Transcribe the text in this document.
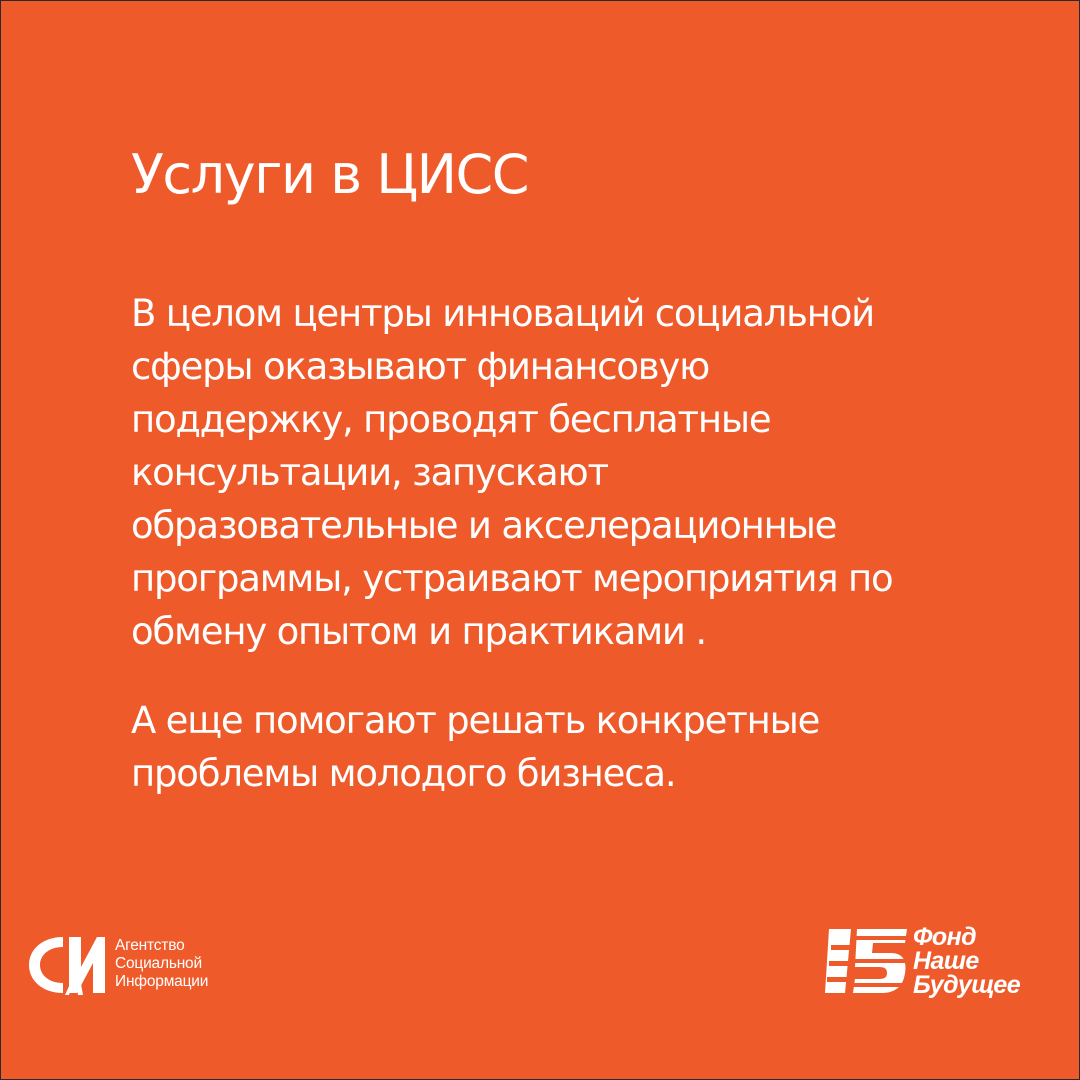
Услуги в ЦИСС

В целом центры инноваций социальной
сферы оказывают финансовую
поддержку, проводят бесплатные
консультации, запускают
образовательные и акселерационные
программы, устраивают мероприятия по
обмену опытом и практиками .

А еще помогают решать конкретные
проблемы молодого бизнеса.

Агентство
Социальной
Информации
Фонд
Наше
Будущее
